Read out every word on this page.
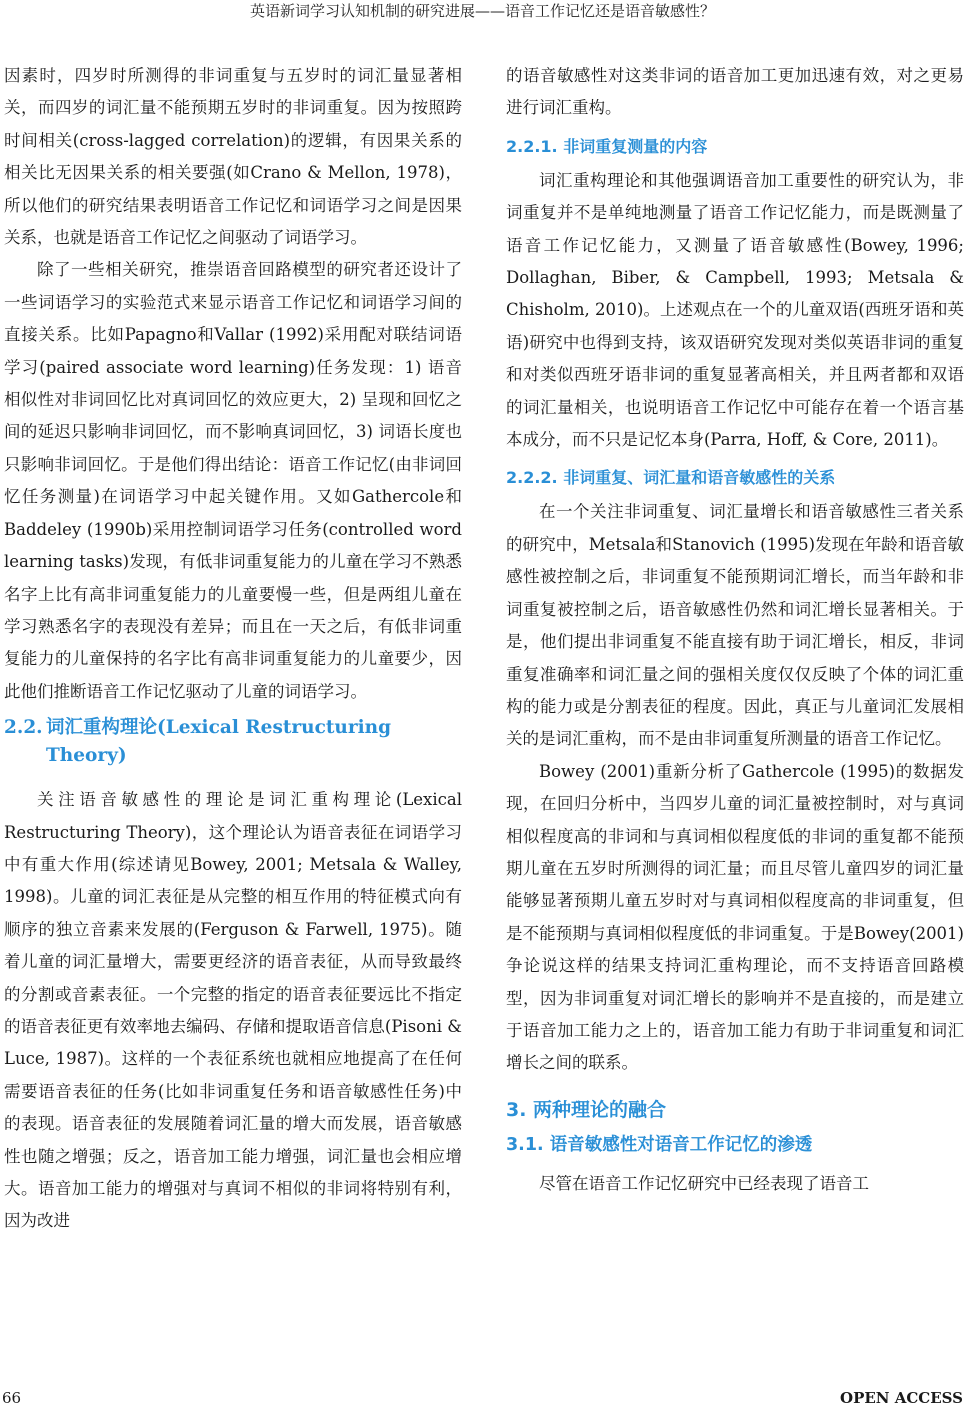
英语新词学习认知机制的研究进展——语音工作记忆还是语音敏感性？

因素时，四岁时所测得的非词重复与五岁时的词汇量显著相关，而四岁的词汇量不能预期五岁时的非词重复。因为按照跨时间相关(cross-lagged correlation)的逻辑，有因果关系的相关比无因果关系的相关要强(如Crano & Mellon, 1978)，所以他们的研究结果表明语音工作记忆和词语学习之间是因果关系，也就是语音工作记忆之间驱动了词语学习。

除了一些相关研究，推崇语音回路模型的研究者还设计了一些词语学习的实验范式来显示语音工作记忆和词语学习间的直接关系。比如Papagno和Vallar (1992)采用配对联结词语学习(paired associate word learning)任务发现：1) 语音相似性对非词回忆比对真词回忆的效应更大，2) 呈现和回忆之间的延迟只影响非词回忆，而不影响真词回忆，3) 词语长度也只影响非词回忆。于是他们得出结论：语音工作记忆(由非词回忆任务测量)在词语学习中起关键作用。又如Gathercole和Baddeley (1990b)采用控制词语学习任务(controlled word learning tasks)发现，有低非词重复能力的儿童在学习不熟悉名字上比有高非词重复能力的儿童要慢一些，但是两组儿童在学习熟悉名字的表现没有差异；而且在一天之后，有低非词重复能力的儿童保持的名字比有高非词重复能力的儿童要少，因此他们推断语音工作记忆驱动了儿童的词语学习。

2.2. 词汇重构理论(Lexical Restructuring Theory)

关注语音敏感性的理论是词汇重构理论(Lexical Restructuring Theory)，这个理论认为语音表征在词语学习中有重大作用(综述请见Bowey, 2001; Metsala & Walley, 1998)。儿童的词汇表征是从完整的相互作用的特征模式向有顺序的独立音素来发展的(Ferguson & Farwell, 1975)。随着儿童的词汇量增大，需要更经济的语音表征，从而导致最终的分割或音素表征。一个完整的指定的语音表征要远比不指定的语音表征更有效率地去编码、存储和提取语音信息(Pisoni & Luce, 1987)。这样的一个表征系统也就相应地提高了在任何需要语音表征的任务(比如非词重复任务和语音敏感性任务)中的表现。语音表征的发展随着词汇量的增大而发展，语音敏感性也随之增强；反之，语音加工能力增强，词汇量也会相应增大。语音加工能力的增强对与真词不相似的非词将特别有利，因为改进

的语音敏感性对这类非词的语音加工更加迅速有效，对之更易进行词汇重构。

2.2.1. 非词重复测量的内容

词汇重构理论和其他强调语音加工重要性的研究认为，非词重复并不是单纯地测量了语音工作记忆能力，而是既测量了语音工作记忆能力，又测量了语音敏感性(Bowey, 1996; Dollaghan, Biber, & Campbell, 1993; Metsala & Chisholm, 2010)。上述观点在一个的儿童双语(西班牙语和英语)研究中也得到支持，该双语研究发现对类似英语非词的重复和对类似西班牙语非词的重复显著高相关，并且两者都和双语的词汇量相关，也说明语音工作记忆中可能存在着一个语言基本成分，而不只是记忆本身(Parra, Hoff, & Core, 2011)。

2.2.2. 非词重复、词汇量和语音敏感性的关系

在一个关注非词重复、词汇量增长和语音敏感性三者关系的研究中，Metsala和Stanovich (1995)发现在年龄和语音敏感性被控制之后，非词重复不能预期词汇增长，而当年龄和非词重复被控制之后，语音敏感性仍然和词汇增长显著相关。于是，他们提出非词重复不能直接有助于词汇增长，相反，非词重复准确率和词汇量之间的强相关度仅仅反映了个体的词汇重构的能力或是分割表征的程度。因此，真正与儿童词汇发展相关的是词汇重构，而不是由非词重复所测量的语音工作记忆。

Bowey (2001)重新分析了Gathercole (1995)的数据发现，在回归分析中，当四岁儿童的词汇量被控制时，对与真词相似程度高的非词和与真词相似程度低的非词的重复都不能预期儿童在五岁时所测得的词汇量；而且尽管儿童四岁的词汇量能够显著预期儿童五岁时对与真词相似程度高的非词重复，但是不能预期与真词相似程度低的非词重复。于是Bowey(2001)争论说这样的结果支持词汇重构理论，而不支持语音回路模型，因为非词重复对词汇增长的影响并不是直接的，而是建立于语音加工能力之上的，语音加工能力有助于非词重复和词汇增长之间的联系。

3. 两种理论的融合
3.1. 语音敏感性对语音工作记忆的渗透

尽管在语音工作记忆研究中已经表现了语音工

66	OPEN ACCESS
